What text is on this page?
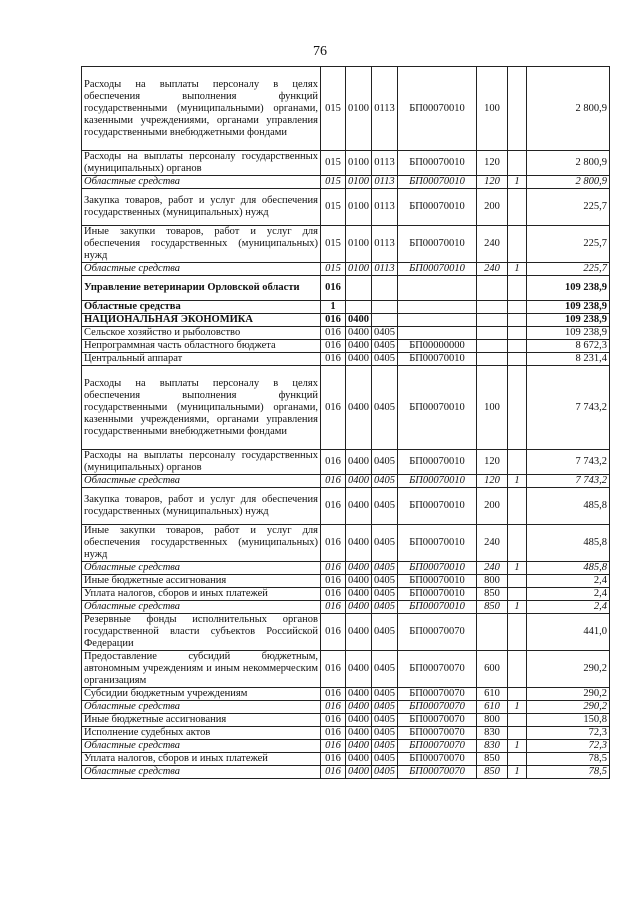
76
Расходы на выплаты персоналу в целях обеспечения выполнения функций государственными (муниципальными) органами, казенными учреждениями, органами управления государственными внебюджетными фондами	015	0100	0113	БП00070010	100		2 800,9
Расходы на выплаты персоналу государственных (муниципальных) органов	015	0100	0113	БП00070010	120		2 800,9
Областные средства	015	0100	0113	БП00070010	120	1	2 800,9
Закупка товаров, работ и услуг для обеспечения государственных (муниципальных) нужд	015	0100	0113	БП00070010	200		225,7
Иные закупки товаров, работ и услуг для обеспечения государственных (муниципальных) нужд	015	0100	0113	БП00070010	240		225,7
Областные средства	015	0100	0113	БП00070010	240	1	225,7
Управление ветеринарии Орловской области	016						109 238,9
Областные средства	1						109 238,9
НАЦИОНАЛЬНАЯ ЭКОНОМИКА	016	0400					109 238,9
Сельское хозяйство и рыболовство	016	0400	0405				109 238,9
Непрограммная часть областного бюджета	016	0400	0405	БП00000000			8 672,3
Центральный аппарат	016	0400	0405	БП00070010			8 231,4
Расходы на выплаты персоналу в целях обеспечения выполнения функций государственными (муниципальными) органами, казенными учреждениями, органами управления государственными внебюджетными фондами	016	0400	0405	БП00070010	100		7 743,2
Расходы на выплаты персоналу государственных (муниципальных) органов	016	0400	0405	БП00070010	120		7 743,2
Областные средства	016	0400	0405	БП00070010	120	1	7 743,2
Закупка товаров, работ и услуг для обеспечения государственных (муниципальных) нужд	016	0400	0405	БП00070010	200		485,8
Иные закупки товаров, работ и услуг для обеспечения государственных (муниципальных) нужд	016	0400	0405	БП00070010	240		485,8
Областные средства	016	0400	0405	БП00070010	240	1	485,8
Иные бюджетные ассигнования	016	0400	0405	БП00070010	800		2,4
Уплата налогов, сборов и иных платежей	016	0400	0405	БП00070010	850		2,4
Областные средства	016	0400	0405	БП00070010	850	1	2,4
Резервные фонды исполнительных органов государственной власти субъектов Российской Федерации	016	0400	0405	БП00070070			441,0
Предоставление субсидий бюджетным, автономным учреждениям и иным некоммерческим организациям	016	0400	0405	БП00070070	600		290,2
Субсидии бюджетным учреждениям	016	0400	0405	БП00070070	610		290,2
Областные средства	016	0400	0405	БП00070070	610	1	290,2
Иные бюджетные ассигнования	016	0400	0405	БП00070070	800		150,8
Исполнение судебных актов	016	0400	0405	БП00070070	830		72,3
Областные средства	016	0400	0405	БП00070070	830	1	72,3
Уплата налогов, сборов и иных платежей	016	0400	0405	БП00070070	850		78,5
Областные средства	016	0400	0405	БП00070070	850	1	78,5
